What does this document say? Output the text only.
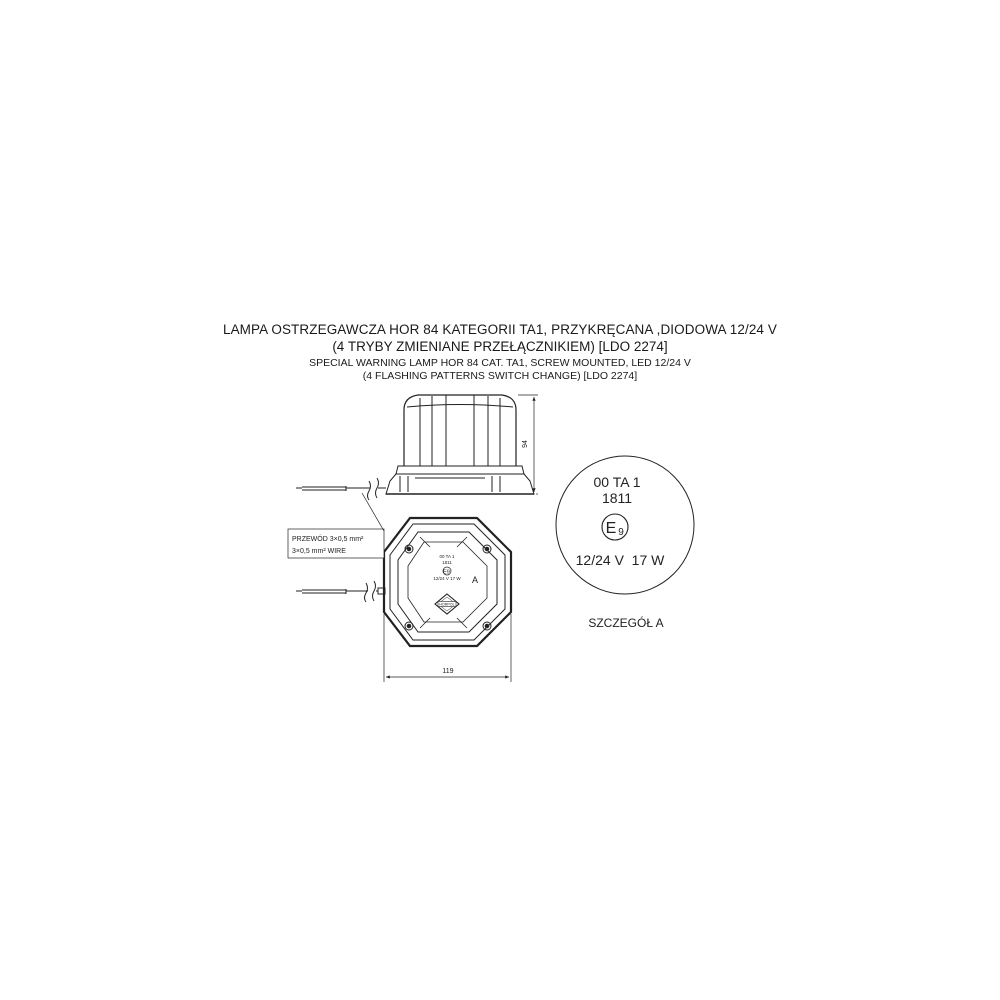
LAMPA OSTRZEGAWCZA HOR 84 KATEGORII TA1, PRZYKRĘCANA ,DIODOWA 12/24 V

(4 TRYBY ZMIENIANE PRZEŁĄCZNIKIEM) [LDO 2274]

SPECIAL WARNING LAMP HOR 84 CAT. TA1, SCREW MOUNTED, LED 12/24 V

(4 FLASHING PATTERNS SWITCH CHANGE) [LDO 2274]

94
00 TA 1
1811
E9
12/24 V 17 W A
HORPOL
119
PRZEWÓD 3×0,5 mm²
3×0,5 mm² WIRE
00 TA 1
1811
E 9
12/24 V  17 W
SZCZEGÓŁ A
